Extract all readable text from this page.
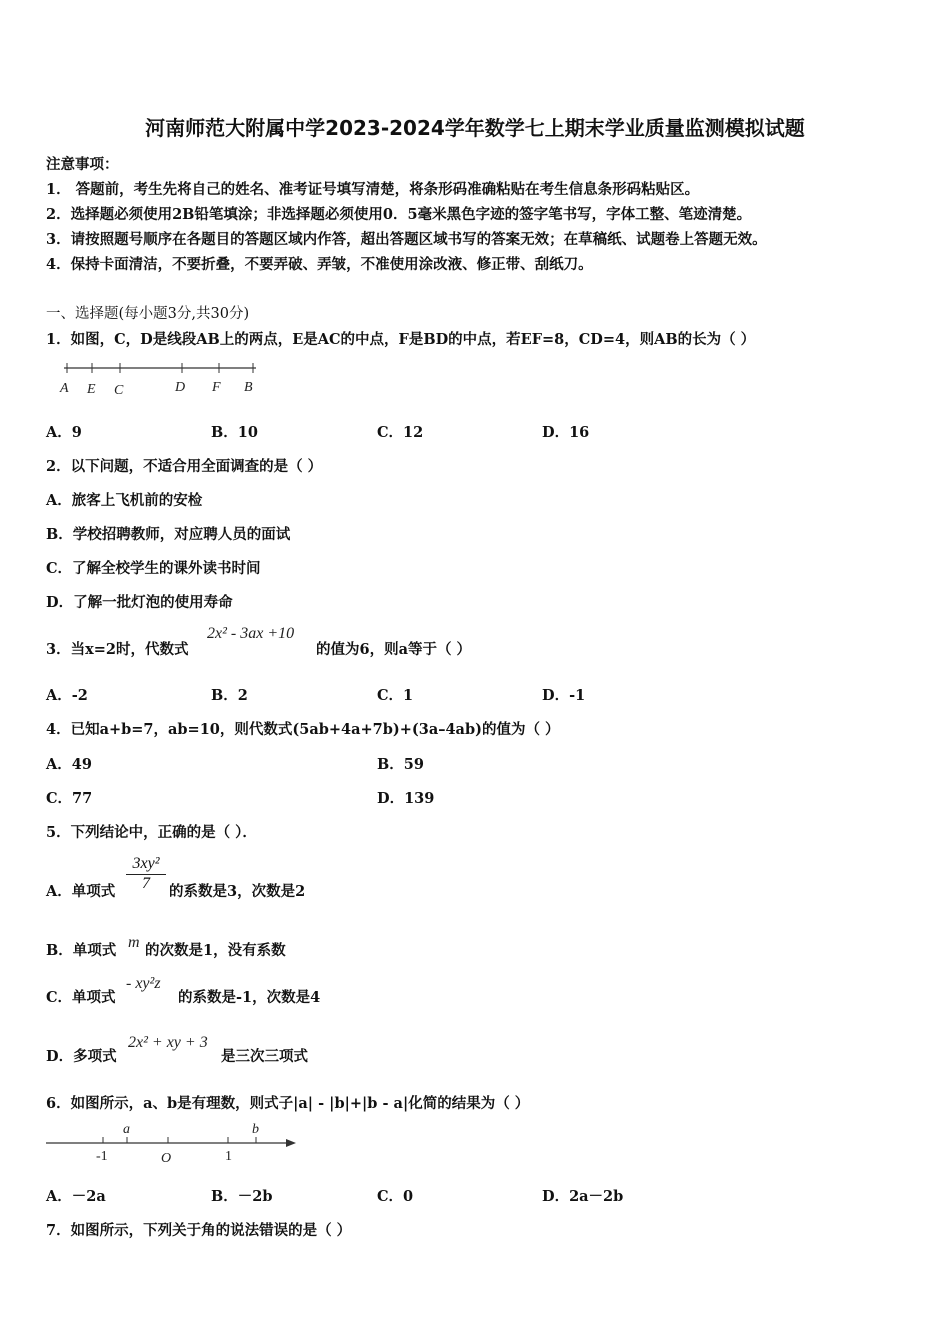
河南师范大附属中学2023-2024学年数学七上期末学业质量监测模拟试题
注意事项：
1． 答题前，考生先将自己的姓名、准考证号填写清楚，将条形码准确粘贴在考生信息条形码粘贴区。
2．选择题必须使用2B铅笔填涂；非选择题必须使用0．5毫米黑色字迹的签字笔书写，字体工整、笔迹清楚。
3．请按照题号顺序在各题目的答题区域内作答，超出答题区域书写的答案无效；在草稿纸、试题卷上答题无效。
4．保持卡面清洁，不要折叠，不要弄破、弄皱，不准使用涂改液、修正带、刮纸刀。
一、选择题(每小题3分,共30分)
1．如图，C，D是线段AB上的两点，E是AC的中点，F是BD的中点，若EF=8，CD=4，则AB的长为（ ）
A E C	D F B
A．9	B．10	C．12	D．16
2．以下问题，不适合用全面调查的是（ ）
A．旅客上飞机前的安检
B．学校招聘教师，对应聘人员的面试
C．了解全校学生的课外读书时间
D．了解一批灯泡的使用寿命
3．当x=2时，代数式
2x² - 3ax +10
的值为6，则a等于（ ）
A．-2	B．2	C．1	D．-1
4．已知a+b=7，ab=10，则代数式(5ab+4a+7b)+(3a–4ab)的值为（ ）
A．49	B．59
C．77	D．139
5．下列结论中，正确的是（ ）．
A．单项式 $\frac{\text{3xy²}}{7}$ 的系数是3，次数是2
B．单项式 m 的次数是1，没有系数
C．单项式
- xy²z
的系数是-1，次数是4
D．多项式
2x² + xy + 3
是三次三项式
6．如图所示，a、b是有理数，则式子|a| - |b|+|b - a|化简的结果为（ ）
a	b
-1	O	1
A．－2a	B．－2b	C．0	D．2a－2b
7．如图所示，下列关于角的说法错误的是（ ）
